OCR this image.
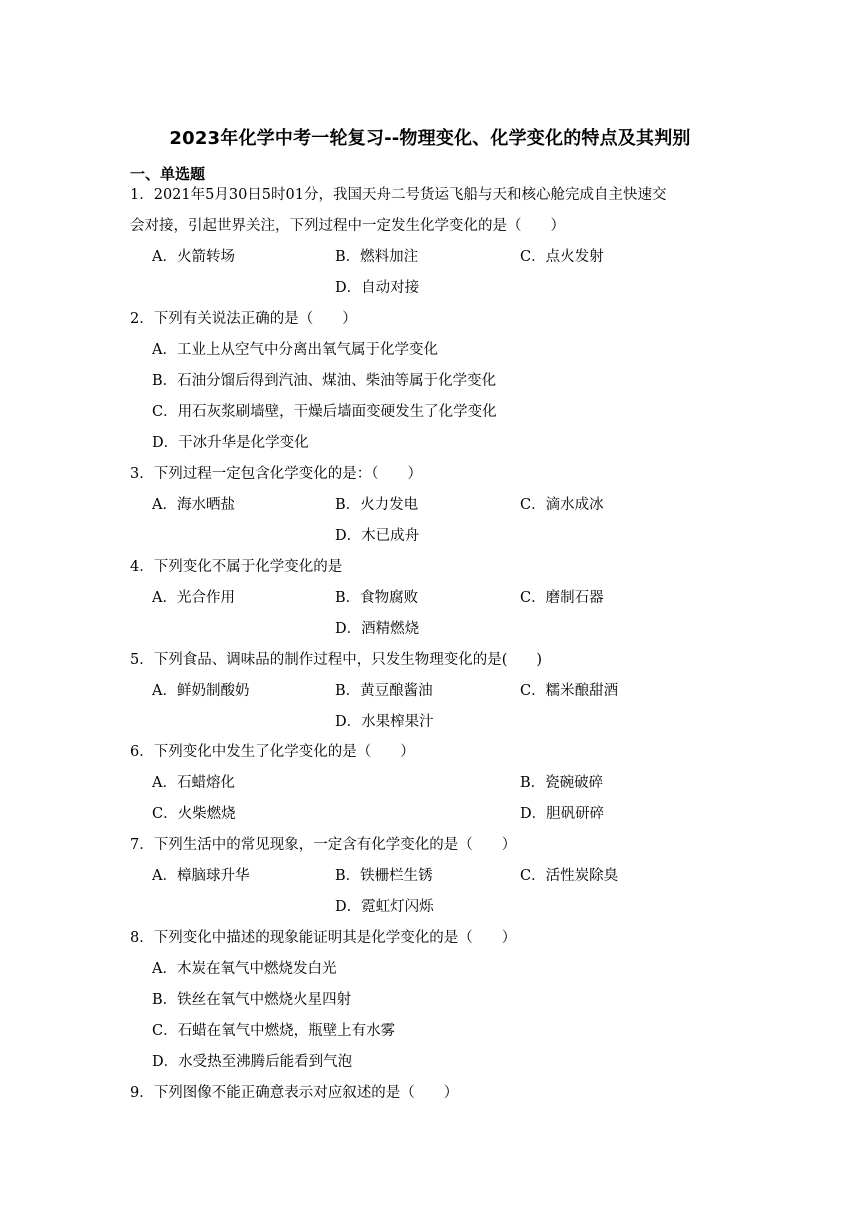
2023年化学中考一轮复习--物理变化、化学变化的特点及其判别
一、单选题
1．2021年5月30日5时01分，我国天舟二号货运飞船与天和核心舱完成自主快速交
会对接，引起世界关注，下列过程中一定发生化学变化的是（　　）
A．火箭转场	B．燃料加注	C．点火发射
D．自动对接
2．下列有关说法正确的是（　　）
A．工业上从空气中分离出氧气属于化学变化
B．石油分馏后得到汽油、煤油、柴油等属于化学变化
C．用石灰浆刷墙壁，干燥后墙面变硬发生了化学变化
D．干冰升华是化学变化
3．下列过程一定包含化学变化的是：（　　）
A．海水晒盐	B．火力发电	C．滴水成冰
D．木已成舟
4．下列变化不属于化学变化的是
A．光合作用	B．食物腐败	C．磨制石器
D．酒精燃烧
5．下列食品、调味品的制作过程中，只发生物理变化的是(　　)
A．鲜奶制酸奶	B．黄豆酿酱油	C．糯米酿甜酒
D．水果榨果汁
6．下列变化中发生了化学变化的是（　　）
A．石蜡熔化	B．瓷碗破碎
C．火柴燃烧	D．胆矾研碎
7．下列生活中的常见现象，一定含有化学变化的是（　　）
A．樟脑球升华	B．铁栅栏生锈	C．活性炭除臭
D．霓虹灯闪烁
8．下列变化中描述的现象能证明其是化学变化的是（　　）
A．木炭在氧气中燃烧发白光
B．铁丝在氧气中燃烧火星四射
C．石蜡在氧气中燃烧，瓶壁上有水雾
D．水受热至沸腾后能看到气泡
9．下列图像不能正确意表示对应叙述的是（　　）
